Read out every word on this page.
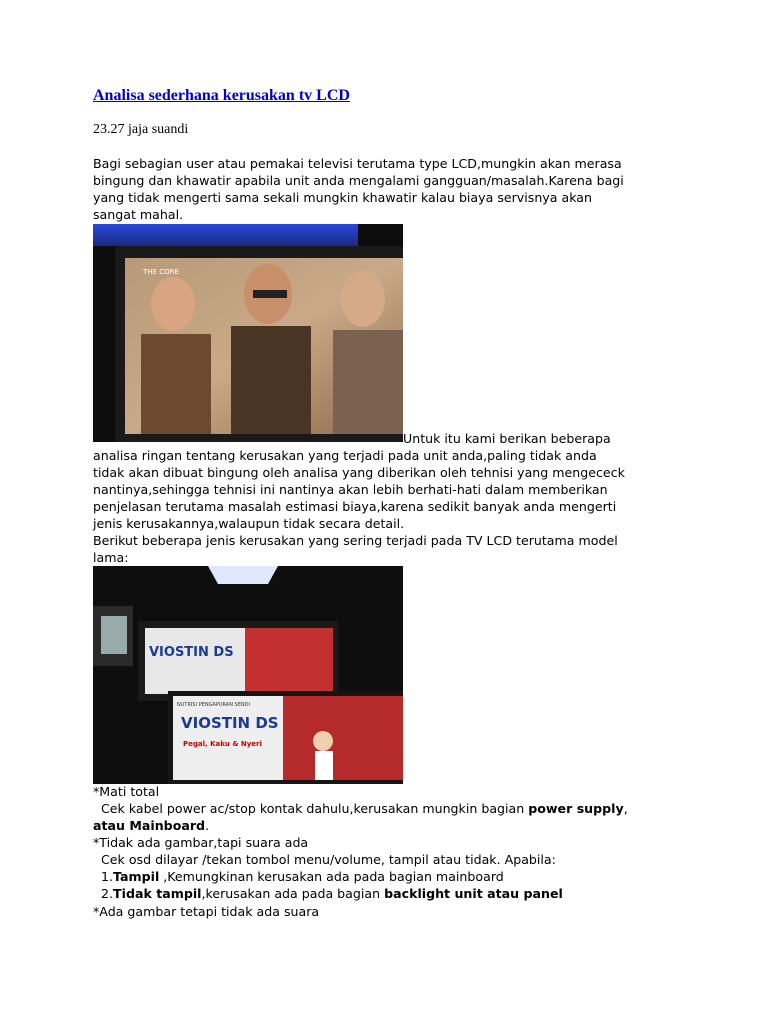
Analisa sederhana kerusakan tv LCD
23.27 jaja suandi
Bagi sebagian user atau pemakai televisi terutama type LCD,mungkin akan merasa
bingung dan khawatir apabila unit anda mengalami gangguan/masalah.Karena bagi
yang tidak mengerti sama sekali mungkin khawatir kalau biaya servisnya akan
sangat mahal.
THE CORE
Untuk itu kami berikan beberapa
analisa ringan tentang kerusakan yang terjadi pada unit anda,paling tidak anda
tidak akan dibuat bingung oleh analisa yang diberikan oleh tehnisi yang mengececk
nantinya,sehingga tehnisi ini nantinya akan lebih berhati-hati dalam memberikan
penjelasan terutama masalah estimasi biaya,karena sedikit banyak anda mengerti
jenis kerusakannya,walaupun tidak secara detail.
Berikut beberapa jenis kerusakan yang sering terjadi pada TV LCD terutama model
lama:
VIOSTIN DS
VIOSTIN DS
Pegal, Kaku & Nyeri
NUTRISI PENGAPURAN SENDI
*Mati total
Cek kabel power ac/stop kontak dahulu,kerusakan mungkin bagian power supply,
atau Mainboard.
*Tidak ada gambar,tapi suara ada
Cek osd dilayar /tekan tombol menu/volume, tampil atau tidak. Apabila:
1.Tampil ,Kemungkinan kerusakan ada pada bagian mainboard
2.Tidak tampil,kerusakan ada pada bagian backlight unit atau panel
*Ada gambar tetapi tidak ada suara
